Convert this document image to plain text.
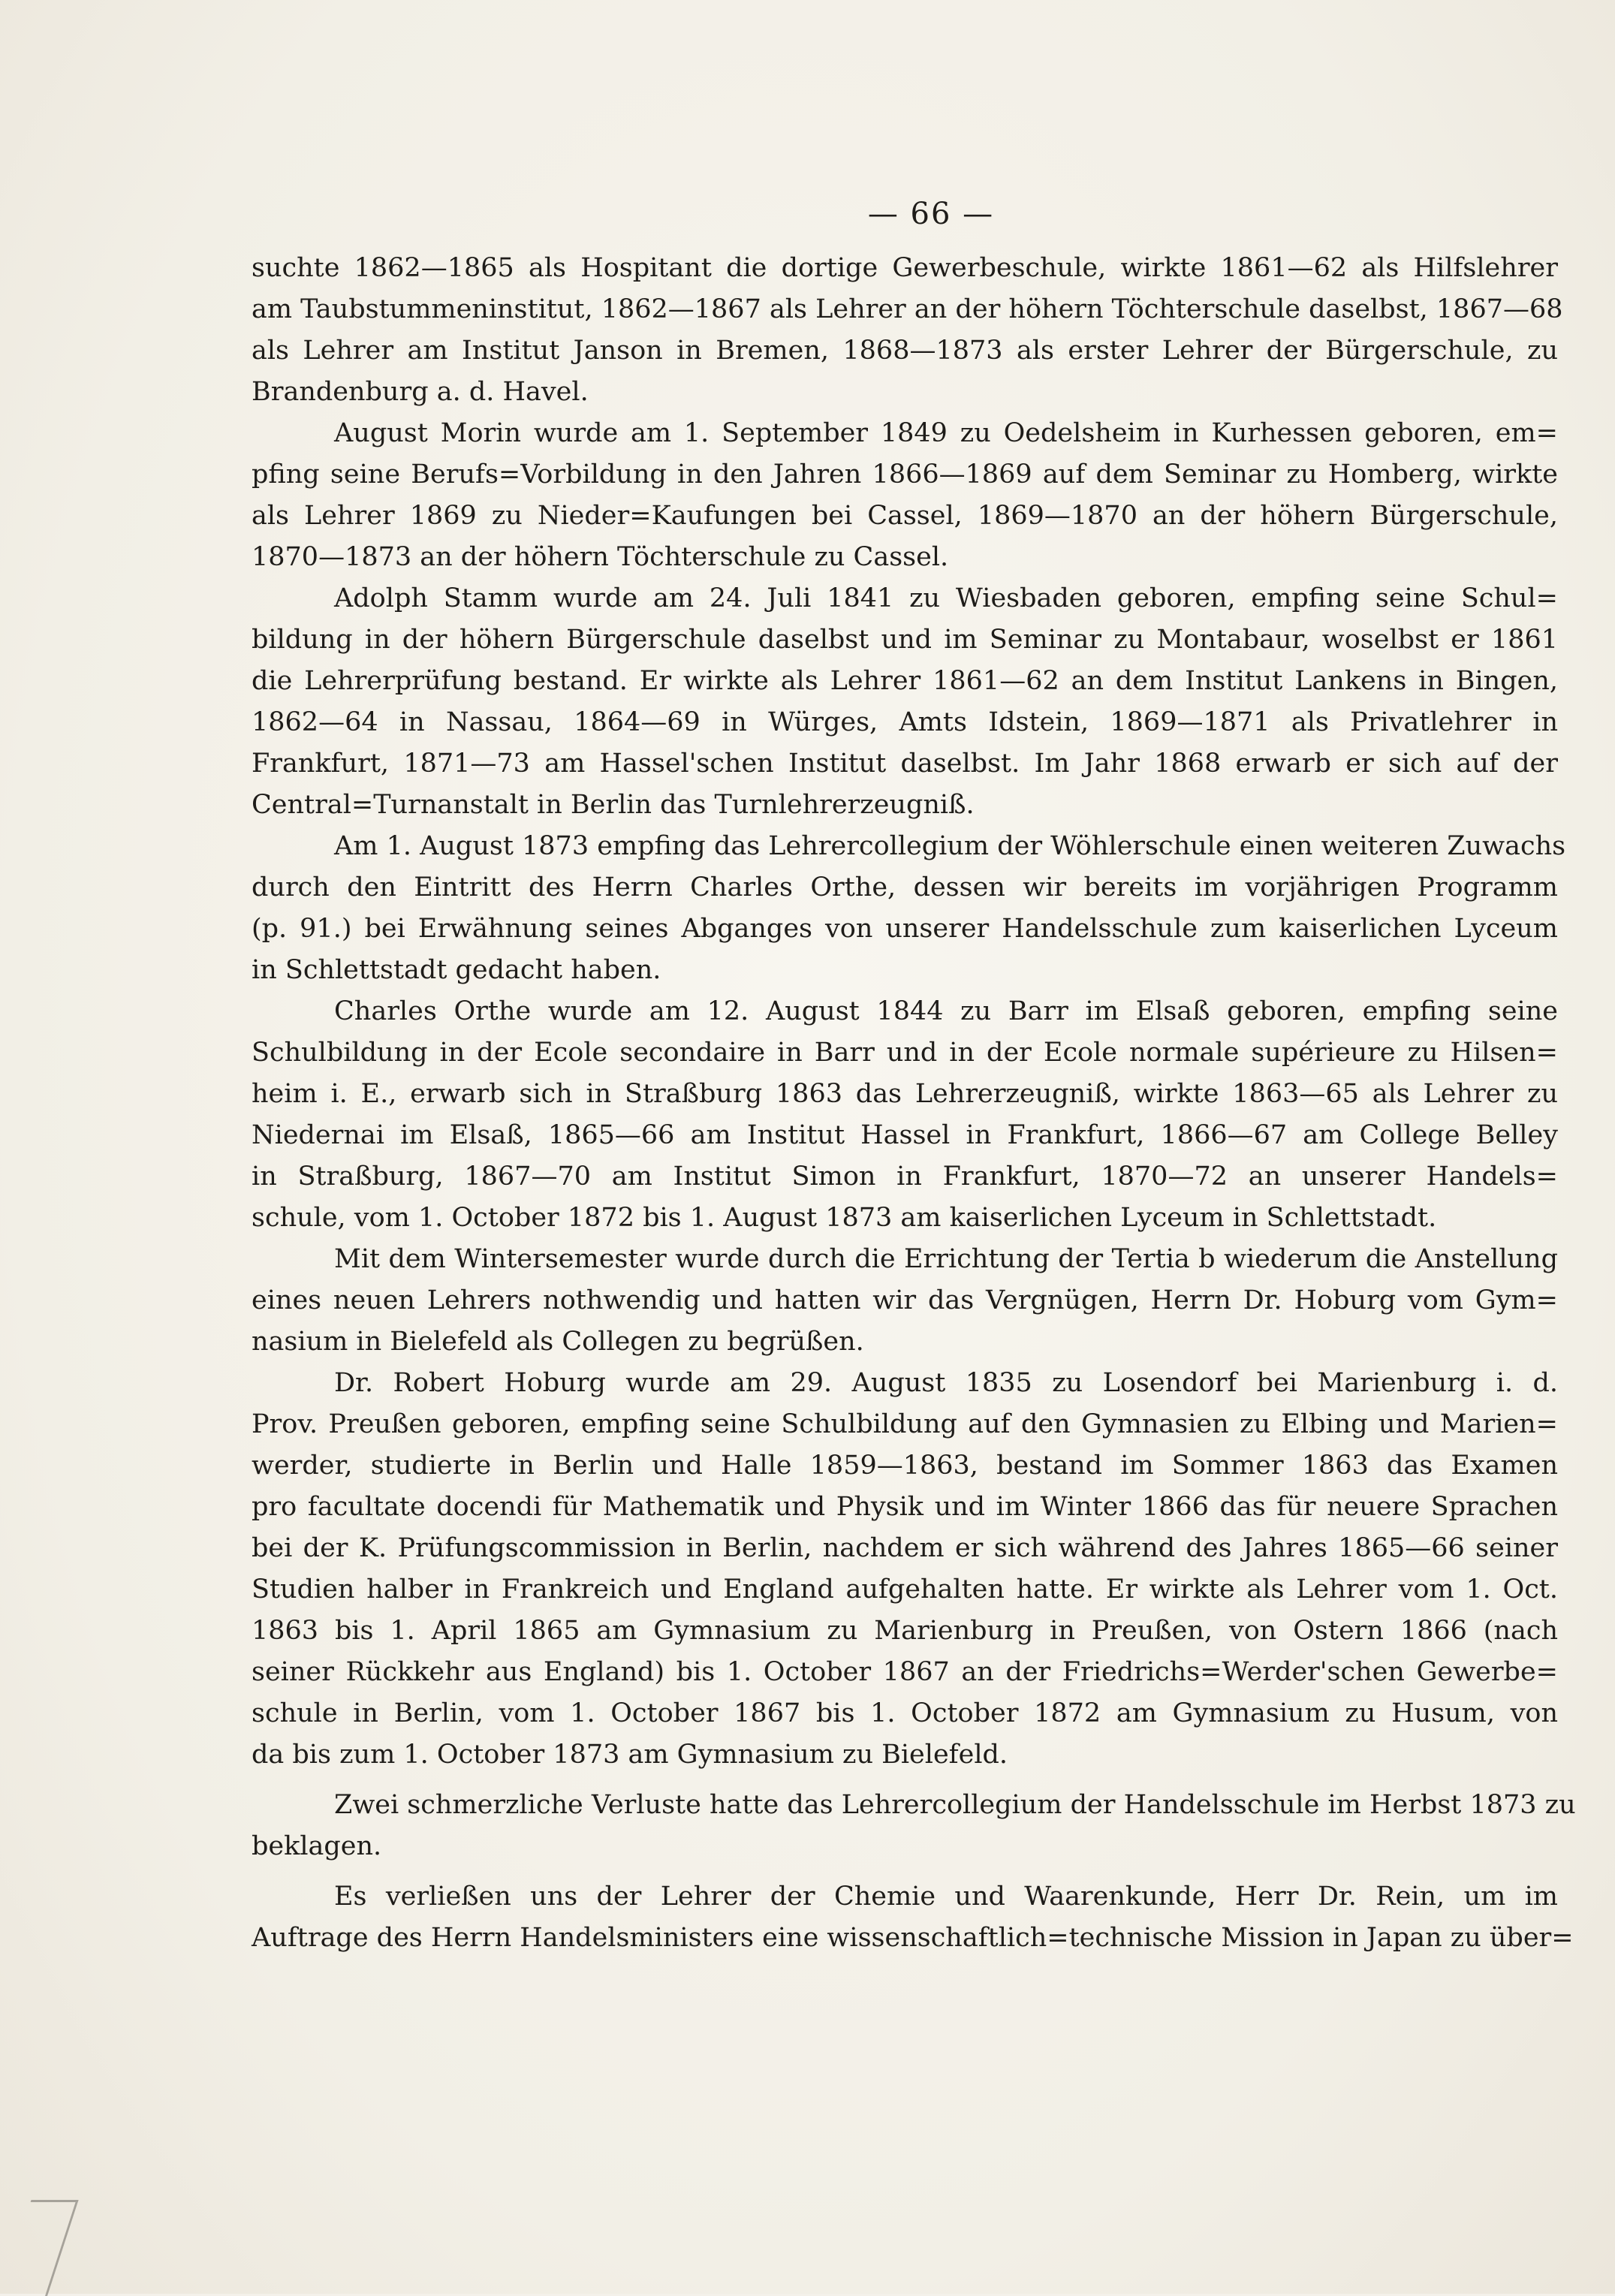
— 66 —
suchte 1862—1865 als Hospitant die dortige Gewerbeschule, wirkte 1861—62 als Hilfslehrer
am Taubstummeninstitut, 1862—1867 als Lehrer an der höhern Töchterschule daselbst, 1867—68
als Lehrer am Institut Janson in Bremen, 1868—1873 als erster Lehrer der Bürgerschule, zu
Brandenburg a. d. Havel.
August Morin wurde am 1. September 1849 zu Oedelsheim in Kurhessen geboren, em=
pfing seine Berufs=Vorbildung in den Jahren 1866—1869 auf dem Seminar zu Homberg, wirkte
als Lehrer 1869 zu Nieder=Kaufungen bei Cassel, 1869—1870 an der höhern Bürgerschule,
1870—1873 an der höhern Töchterschule zu Cassel.
Adolph Stamm wurde am 24. Juli 1841 zu Wiesbaden geboren, empfing seine Schul=
bildung in der höhern Bürgerschule daselbst und im Seminar zu Montabaur, woselbst er 1861
die Lehrerprüfung bestand. Er wirkte als Lehrer 1861—62 an dem Institut Lankens in Bingen,
1862—64 in Nassau, 1864—69 in Würges, Amts Idstein, 1869—1871 als Privatlehrer in
Frankfurt, 1871—73 am Hassel'schen Institut daselbst. Im Jahr 1868 erwarb er sich auf der
Central=Turnanstalt in Berlin das Turnlehrerzeugniß.
Am 1. August 1873 empfing das Lehrercollegium der Wöhlerschule einen weiteren Zuwachs
durch den Eintritt des Herrn Charles Orthe, dessen wir bereits im vorjährigen Programm
(p. 91.) bei Erwähnung seines Abganges von unserer Handelsschule zum kaiserlichen Lyceum
in Schlettstadt gedacht haben.
Charles Orthe wurde am 12. August 1844 zu Barr im Elsaß geboren, empfing seine
Schulbildung in der Ecole secondaire in Barr und in der Ecole normale supérieure zu Hilsen=
heim i. E., erwarb sich in Straßburg 1863 das Lehrerzeugniß, wirkte 1863—65 als Lehrer zu
Niedernai im Elsaß, 1865—66 am Institut Hassel in Frankfurt, 1866—67 am College Belley
in Straßburg, 1867—70 am Institut Simon in Frankfurt, 1870—72 an unserer Handels=
schule, vom 1. October 1872 bis 1. August 1873 am kaiserlichen Lyceum in Schlettstadt.
Mit dem Wintersemester wurde durch die Errichtung der Tertia b wiederum die Anstellung
eines neuen Lehrers nothwendig und hatten wir das Vergnügen, Herrn Dr. Hoburg vom Gym=
nasium in Bielefeld als Collegen zu begrüßen.
Dr. Robert Hoburg wurde am 29. August 1835 zu Losendorf bei Marienburg i. d.
Prov. Preußen geboren, empfing seine Schulbildung auf den Gymnasien zu Elbing und Marien=
werder, studierte in Berlin und Halle 1859—1863, bestand im Sommer 1863 das Examen
pro facultate docendi für Mathematik und Physik und im Winter 1866 das für neuere Sprachen
bei der K. Prüfungscommission in Berlin, nachdem er sich während des Jahres 1865—66 seiner
Studien halber in Frankreich und England aufgehalten hatte. Er wirkte als Lehrer vom 1. Oct.
1863 bis 1. April 1865 am Gymnasium zu Marienburg in Preußen, von Ostern 1866 (nach
seiner Rückkehr aus England) bis 1. October 1867 an der Friedrichs=Werder'schen Gewerbe=
schule in Berlin, vom 1. October 1867 bis 1. October 1872 am Gymnasium zu Husum, von
da bis zum 1. October 1873 am Gymnasium zu Bielefeld.
Zwei schmerzliche Verluste hatte das Lehrercollegium der Handelsschule im Herbst 1873 zu
beklagen.
Es verließen uns der Lehrer der Chemie und Waarenkunde, Herr Dr. Rein, um im
Auftrage des Herrn Handelsministers eine wissenschaftlich=technische Mission in Japan zu über=
